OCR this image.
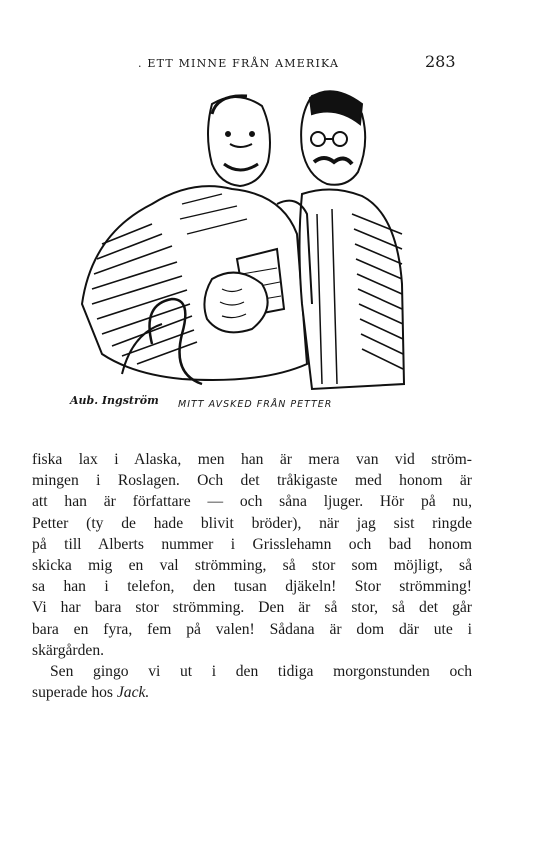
. ETT MINNE FRÅN AMERIKA	283
Aub. Ingström MITT AVSKED FRÅN PETTER
fiska lax i Alaska, men han är mera van vid ström-
mingen i Roslagen. Och det tråkigaste med honom är
att han är författare — och såna ljuger. Hör på nu,
Petter (ty de hade blivit bröder), när jag sist ringde
på till Alberts nummer i Grisslehamn och bad honom
skicka mig en val strömming, så stor som möjligt, så
sa han i telefon, den tusan djäkeln! Stor strömming!
Vi har bara stor strömming. Den är så stor, så det går
bara en fyra, fem på valen! Sådana är dom där ute i
skärgården.
Sen gingo vi ut i den tidiga morgonstunden och
superade hos Jack.
